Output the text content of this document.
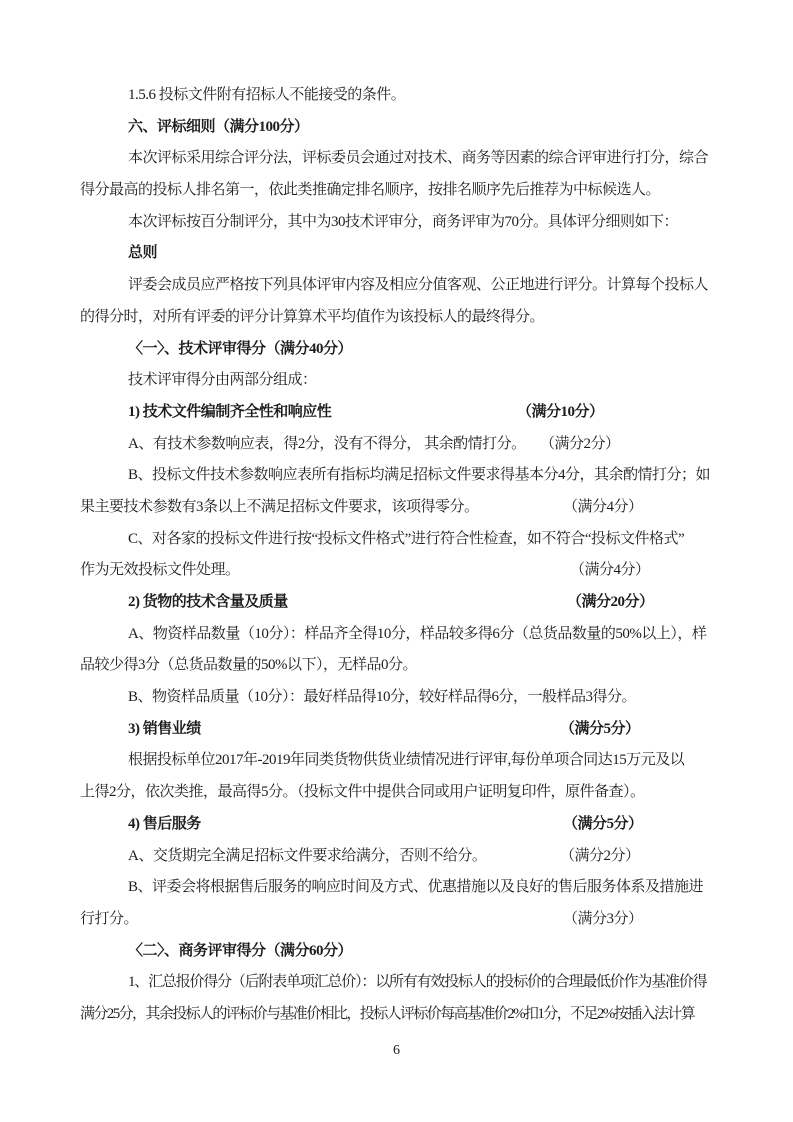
1.5.6 投标文件附有招标人不能接受的条件。
六、评标细则（满分100分）
本次评标采用综合评分法，评标委员会通过对技术、商务等因素的综合评审进行打分，综合
得分最高的投标人排名第一，依此类推确定排名顺序，按排名顺序先后推荐为中标候选人。
本次评标按百分制评分，其中为30技术评审分，商务评审为70分。具体评分细则如下：
总则
评委会成员应严格按下列具体评审内容及相应分值客观、公正地进行评分。计算每个投标人
的得分时，对所有评委的评分计算算术平均值作为该投标人的最终得分。
〈一〉、技术评审得分（满分40分）
技术评审得分由两部分组成：
1) 技术文件编制齐全性和响应性	（满分10分）
A、有技术参数响应表，得2分，没有不得分， 其余酌情打分。 （满分2分）
B、投标文件技术参数响应表所有指标均满足招标文件要求得基本分4分，其余酌情打分；如
果主要技术参数有3条以上不满足招标文件要求，该项得零分。	（满分4分）
C、对各家的投标文件进行按“投标文件格式”进行符合性检查，如不符合“投标文件格式”
作为无效投标文件处理。	（满分4分）
2) 货物的技术含量及质量	（满分20分）
A、物资样品数量（10分）：样品齐全得10分，样品较多得6分（总货品数量的50%以上），样
品较少得3分（总货品数量的50%以下），无样品0分。
B、物资样品质量（10分）：最好样品得10分，较好样品得6分，一般样品3得分。
3) 销售业绩	（满分5分）
根据投标单位2017年-2019年同类货物供货业绩情况进行评审,每份单项合同达15万元及以
上得2分，依次类推，最高得5分。（投标文件中提供合同或用户证明复印件，原件备查）。
4) 售后服务	（满分5分）
A、交货期完全满足招标文件要求给满分，否则不给分。	（满分2分）
B、评委会将根据售后服务的响应时间及方式、优惠措施以及良好的售后服务体系及措施进
行打分。	（满分3分）
〈二〉、商务评审得分（满分60分）
1、汇总报价得分（后附表单项汇总价）：以所有有效投标人的投标价的合理最低价作为基准价得
满分25分，其余投标人的评标价与基准价相比，投标人评标价每高基准价2%扣1分，不足2%按插入法计算
6
